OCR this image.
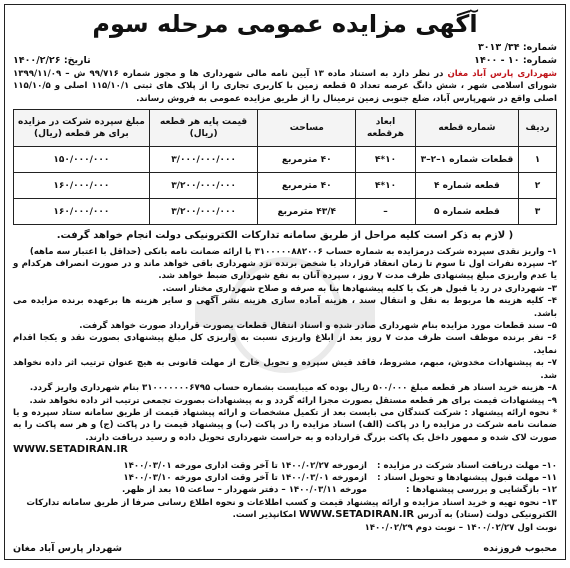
آگهی مزایده عمومی مرحله سوم
شماره: ۳۴/ ۳۰۱۳
شماره: ۱۰ - ۱۴۰۰
تاریخ: ۱۴۰۰/۲/۲۶
شهرداری پارس آباد مغان در نظر دارد به استناد ماده ۱۳ آیین نامه مالی شهرداری ها و مجوز شماره ۹۹/۷۱۶ ش – ۱۳۹۹/۱۱/۰۹ شورای اسلامی شهر ، شش دانگ عرصه تعداد ۵ قطعه زمین با کاربری تجاری را از پلاک های ثبتی ۱۱۵/۱۰/۱ اصلی و ۱۱۵/۱۰/۵ اصلی واقع در شهرپارس آباد، ضلع جنوبی زمین ترمینال را از طریق مزایده عمومی به فروش رساند.
ردیف	شماره قطعه	ابعاد هرقطعه	مساحت	قیمت پایه هر قطعه (ریال)	مبلغ سپرده شرکت در مزایده برای هر قطعه (ریال)
۱	قطعات شماره ۱–۲–۳	۱۰*۴	۴۰ مترمربع	۳/۰۰۰/۰۰۰/۰۰۰	۱۵۰/۰۰۰/۰۰۰
۲	قطعه شماره ۴	۱۰*۴	۴۰ مترمربع	۳/۲۰۰/۰۰۰/۰۰۰	۱۶۰/۰۰۰/۰۰۰
۳	قطعه شماره ۵	–	۴۳/۴ مترمربع	۳/۲۰۰/۰۰۰/۰۰۰	۱۶۰/۰۰۰/۰۰۰
( لازم به ذکر است کلیه مراحل از طریق سامانه تدارکات الکترونیکی دولت انجام خواهد گرفت.

۱– واریز نقدی سپرده شرکت درمزایده به شماره حساب ۳۱۰۰۰۰۰۸۸۲۰۰۶ با ارائه ضمانت نامه بانکی (حداقل با اعتبار سه ماهه)

۲– سپرده نفرات اول تا سوم تا زمان انعقاد قرارداد با شخص برنده نزد شهرداری باقی خواهد ماند و در صورت انصراف هرکدام و یا عدم واریزی مبلغ پیشنهادی ظرف مدت ۷ روز ، سپرده آنان به نفع شهرداری ضبط خواهد شد.

۳– شهرداری در رد یا قبول هر یک یا کلیه پیشنهادها بنا به صرفه و صلاح شهرداری مختار است.

۴– کلیه هزینه ها مربوط به نقل و انتقال سند ، هزینه آماده سازی هزینه نشر آگهی و سایر هزینه ها برعهده برنده مزایده می باشد.

۵– سند قطعات مورد مزایده بنام شهرداری صادر شده و اسناد انتقال قطعات بصورت قرارداد صورت خواهد گرفت.

۶– نفر برنده موظف است ظرف مدت ۷ روز بعد از ابلاغ واریزی نسبت به واریزی کل مبلغ پیشنهادی بصورت نقد و یکجا اقدام نماید.

۷– به پیشنهادات مخدوش، مبهم، مشروط، فاقد فیش سپرده و تحویل خارج از مهلت قانونی به هیچ عنوان ترتیب اثر داده نخواهد شد.

۸– هزینه خرید اسناد هر قطعه مبلغ ۵۰۰/۰۰۰ ریال بوده که میبایست بشماره حساب ۳۱۰۰۰۰۰۰۰۶۷۹۵ بنام شهرداری واریز گردد.

۹– پیشنهادات قیمت برای هر قطعه مستقل بصورت مجزا ارائه گردد و به پیشنهادات بصورت تجمعی ترتیب اثر داده نخواهد شد.

* نحوه ارائه پیشنهاد : شرکت کنندگان می بایست بعد از تکمیل مشخصات و ارائه پیشنهاد قیمت از طریق سامانه ستاد سپرده و یا ضمانت نامه شرکت در مزایده را در پاکت (الف) اسناد مزایده را در پاکت (ب) و پیشنهاد قیمت را در پاکت (ج) و هر سه پاکت را به صورت لاک شده و ممهور داخل یک پاکت بزرگ قرارداده و به حراست شهرداری تحویل داده و رسید دریافت دارند.

WWW.SETADIRAN.IR

۱۰– مهلت دریافت اسناد شرکت در مزایده :
ازمورخه ۱۴۰۰/۰۲/۲۷ تا آخر وقت اداری مورخه ۱۴۰۰/۰۳/۰۱
۱۱– مهلت قبول پیشنهادها و تحویل اسناد :
ازمورخه ۱۴۰۰/۰۳/۰۱ تا آخر وقت اداری مورخه ۱۴۰۰/۰۳/۱۰
۱۲– بازگشایی و بررسی پیشنهادها :
مورخه ۱۴۰۰/۰۳/۱۱ – دفتر شهردار – ساعت ۱۵ بعد از ظهر.
۱۳– نحوه تهیه و خرید اسناد مزایده و ارائه پیشنهاد قیمت و کسب اطلاعات و نحوه اطلاع رسانی صرفا از طریق سامانه تدارکات الکترونیکی دولت (ستاد) به آدرس WWW.SETADIRAN.IR امکانپذیر است.
نوبت اول ۱۴۰۰/۰۲/۲۷ – نوبت دوم ۱۴۰۰/۰۲/۲۹
محبوب فروزنده
شهردار پارس آباد مغان
